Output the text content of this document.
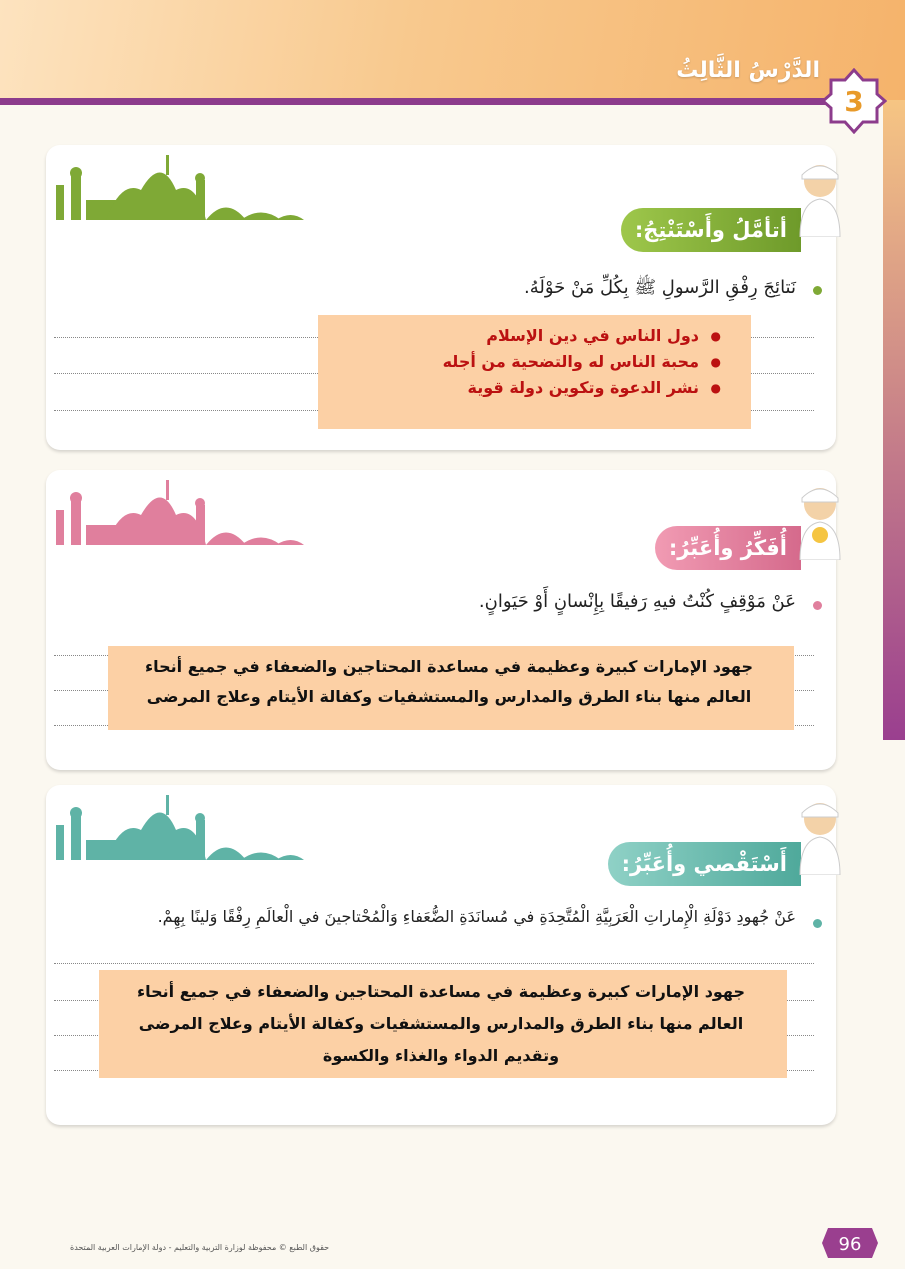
الدَّرْسُ الثَّالِثُ
3
أتأمَّلُ وأَسْتَنْتِجُ:
نَتائِجَ رِفْقِ الرَّسولِ ﷺ بِكُلِّ مَنْ حَوْلَهُ.
● دول الناس في دين الإسلام
● محبة الناس له والتضحية من أجله
● نشر الدعوة وتكوين دولة قوية
أُفَكِّرُ وأُعَبِّرُ:
عَنْ مَوْقِفٍ كُنْتُ فيهِ رَفيقًا بِإِنْسانٍ أَوْ حَيَوانٍ.
جهود الإمارات كبيرة وعظيمة في مساعدة المحتاجين والضعفاء في جميع أنحاء
العالم منها بناء الطرق والمدارس والمستشفيات وكفالة الأيتام وعلاج المرضى
أَسْتَقْصي وأُعَبِّرُ:
عَنْ جُهودِ دَوْلَةِ الْإِماراتِ الْعَرَبِيَّةِ الْمُتَّحِدَةِ في مُسانَدَةِ الضُّعَفاءِ وَالْمُحْتاجينَ في الْعالَمِ رِفْقًا وَلينًا بِهِمْ.
جهود الإمارات كبيرة وعظيمة في مساعدة المحتاجين والضعفاء في جميع أنحاء
العالم منها بناء الطرق والمدارس والمستشفيات وكفالة الأيتام وعلاج المرضى
وتقديم الدواء والغذاء والكسوة
حقوق الطبع © محفوظة لوزارة التربية والتعليم - دولة الإمارات العربية المتحدة	96
